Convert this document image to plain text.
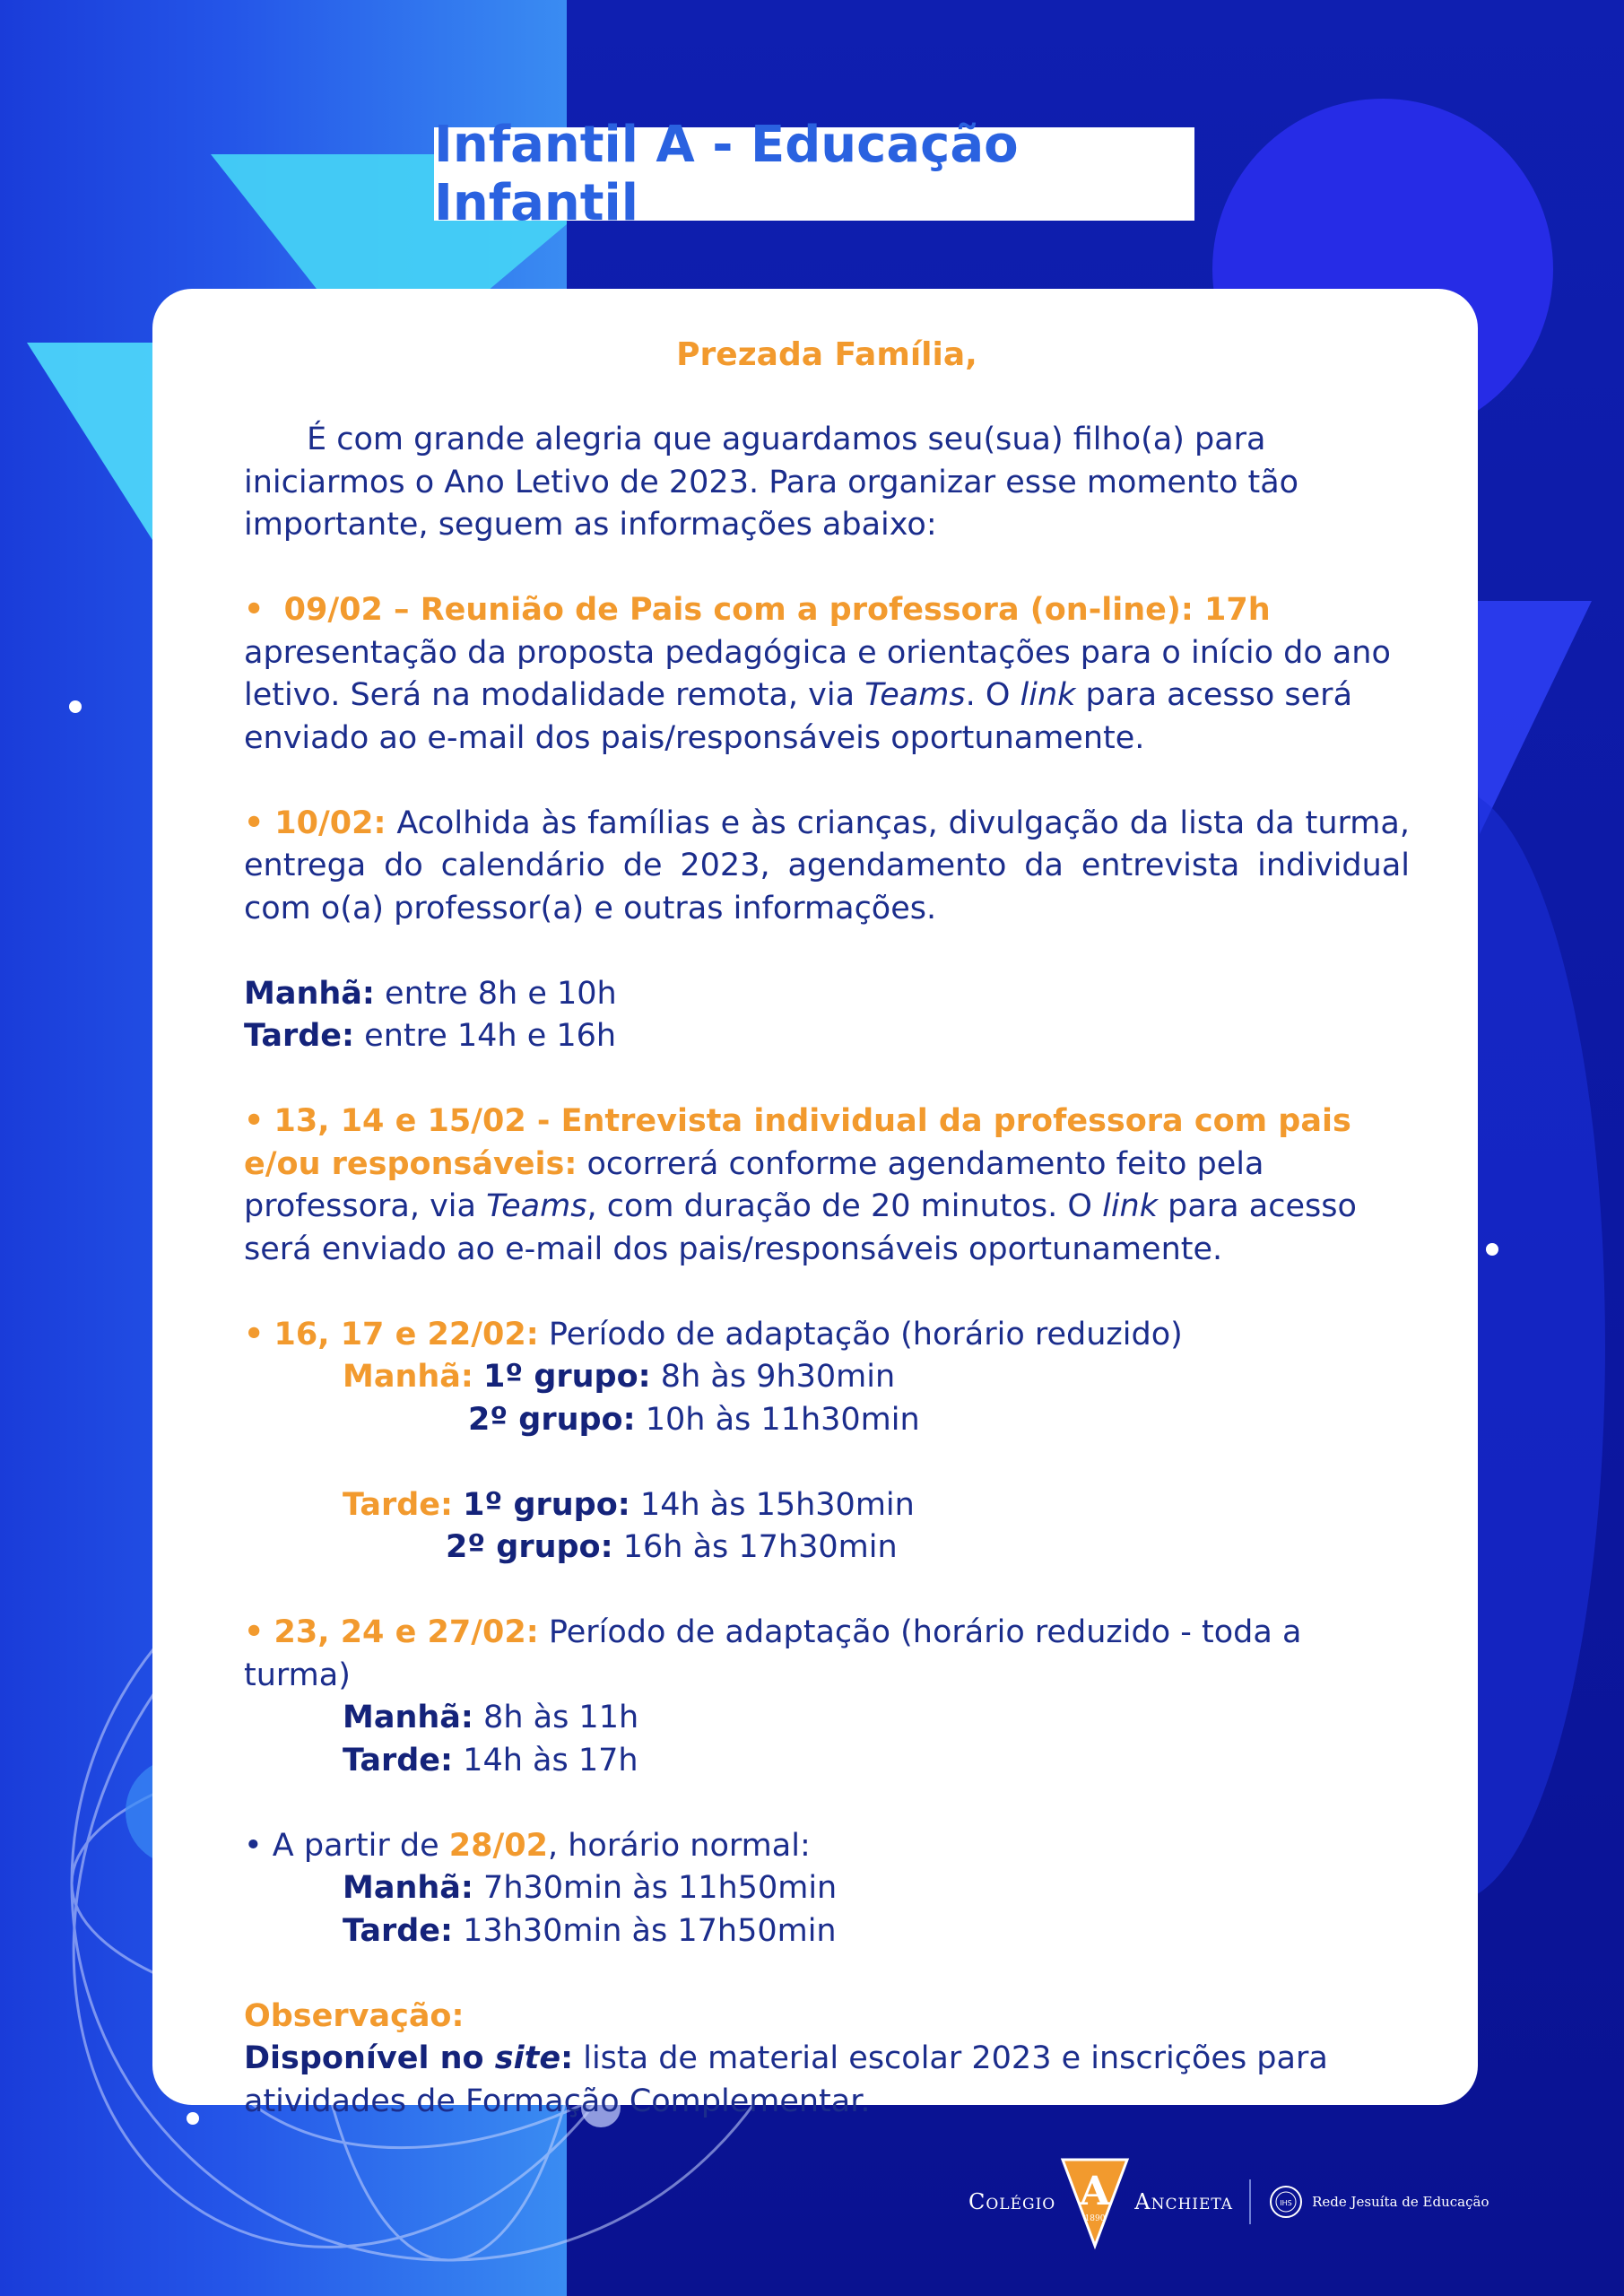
Infantil A - Educação Infantil

Prezada Família,

É com grande alegria que aguardamos seu(sua) filho(a) para iniciarmos o Ano Letivo de 2023. Para organizar esse momento tão importante, seguem as informações abaixo:

• 09/02 – Reunião de Pais com a professora (on-line): 17h
apresentação da proposta pedagógica e orientações para o início do ano letivo. Será na modalidade remota, via Teams. O link para acesso será enviado ao e-mail dos pais/responsáveis oportunamente.

• 10/02: Acolhida às famílias e às crianças, divulgação da lista da turma, entrega do calendário de 2023, agendamento da entrevista individual com o(a) professor(a) e outras informações.

Manhã: entre 8h e 10h

Tarde: entre 14h e 16h

• 13, 14 e 15/02 - Entrevista individual da professora com pais e/ou responsáveis: ocorrerá conforme agendamento feito pela professora, via Teams, com duração de 20 minutos. O link para acesso será enviado ao e-mail dos pais/responsáveis oportunamente.

• 16, 17 e 22/02: Período de adaptação (horário reduzido)

Manhã: 1º grupo: 8h às 9h30min

2º grupo: 10h às 11h30min

Tarde: 1º grupo: 14h às 15h30min

2º grupo: 16h às 17h30min

• 23, 24 e 27/02: Período de adaptação (horário reduzido - toda a turma)

Manhã: 8h às 11h

Tarde: 14h às 17h

• A partir de 28/02, horário normal:

Manhã: 7h30min às 11h50min

Tarde: 13h30min às 17h50min

Observação:

Disponível no site: lista de material escolar 2023 e inscrições para atividades de Formação Complementar.

Colégio A
1890
Anchieta	IHS Rede Jesuíta de Educação
